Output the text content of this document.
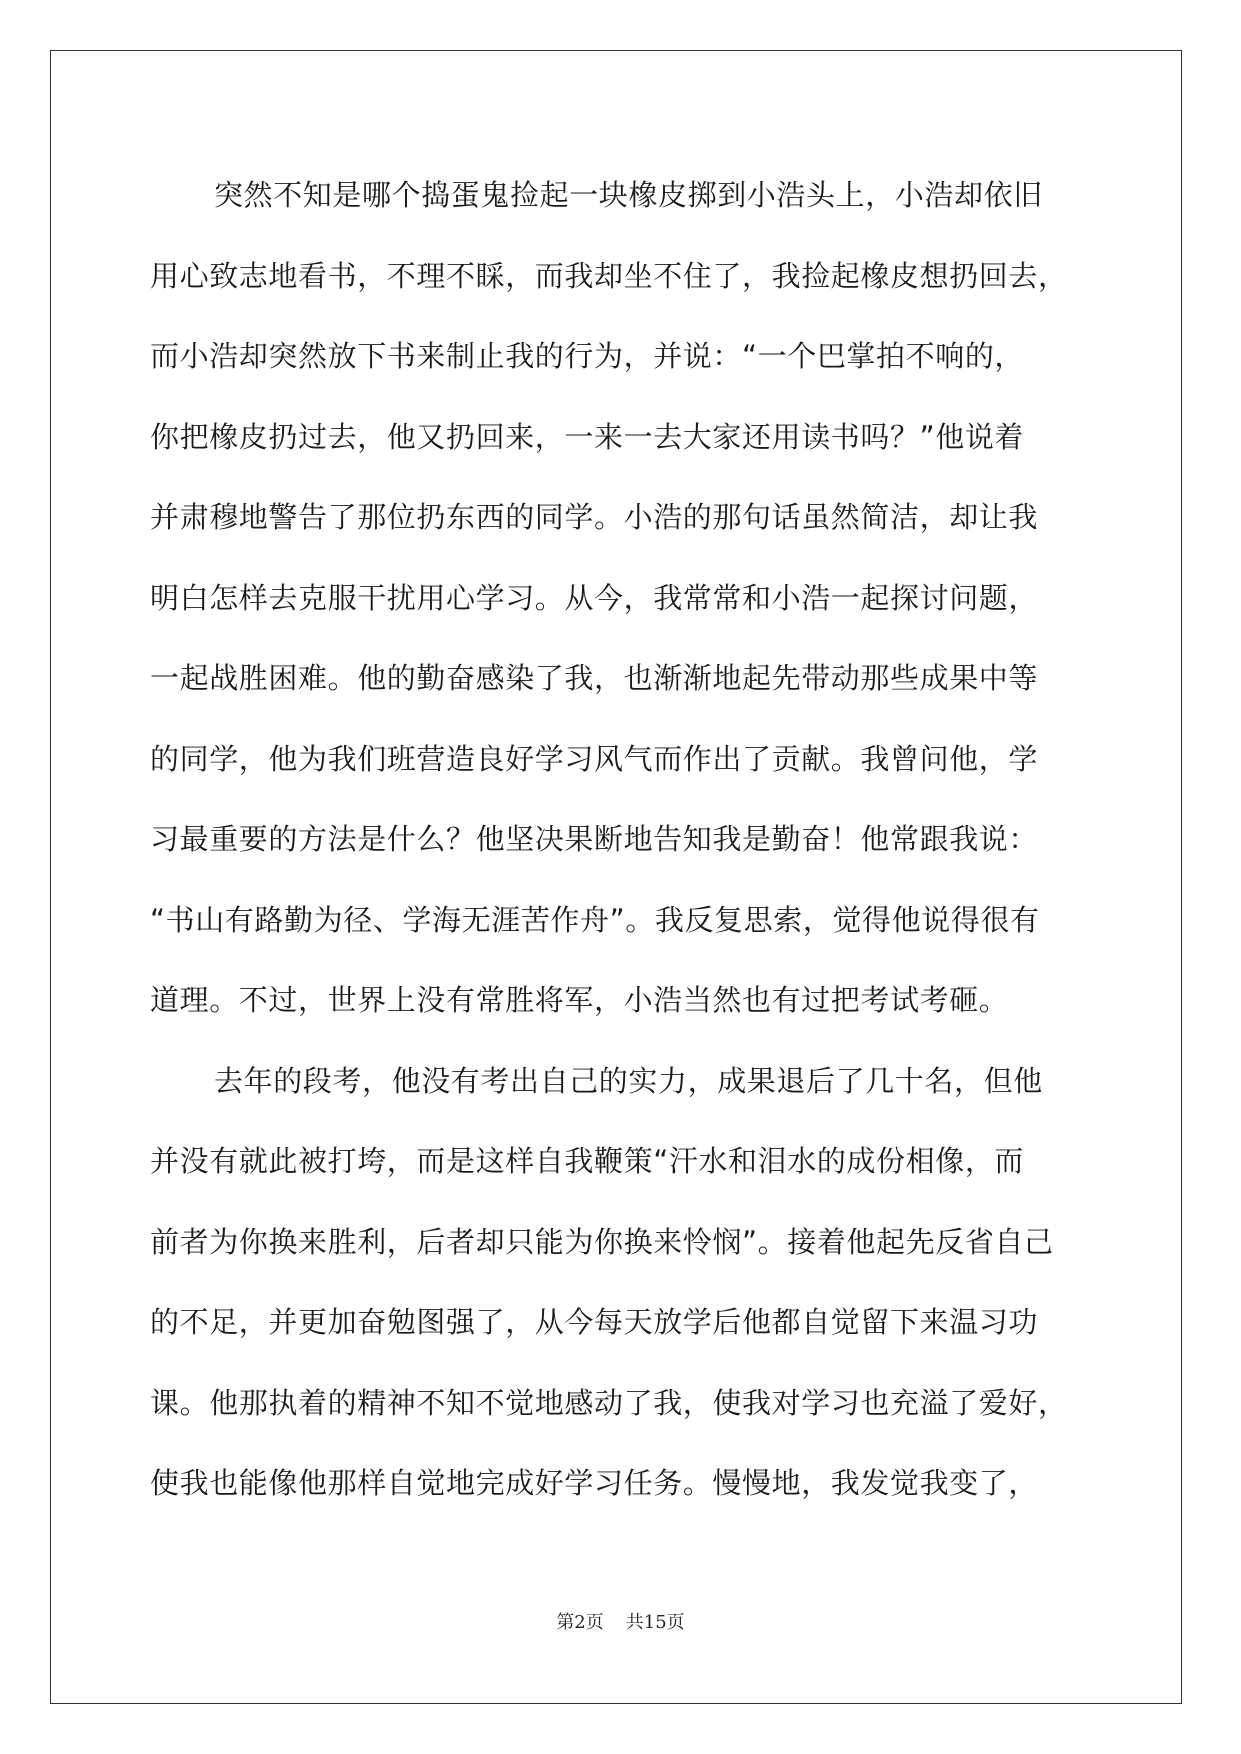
突然不知是哪个捣蛋鬼捡起一块橡皮掷到小浩头上，小浩却依旧
用心致志地看书，不理不睬，而我却坐不住了，我捡起橡皮想扔回去，
而小浩却突然放下书来制止我的行为，并说：“一个巴掌拍不响的，
你把橡皮扔过去，他又扔回来，一来一去大家还用读书吗？”他说着
并肃穆地警告了那位扔东西的同学。小浩的那句话虽然简洁，却让我
明白怎样去克服干扰用心学习。从今，我常常和小浩一起探讨问题，
一起战胜困难。他的勤奋感染了我，也渐渐地起先带动那些成果中等
的同学，他为我们班营造良好学习风气而作出了贡献。我曾问他，学
习最重要的方法是什么？他坚决果断地告知我是勤奋！他常跟我说：
“书山有路勤为径、学海无涯苦作舟”。我反复思索，觉得他说得很有
道理。不过，世界上没有常胜将军，小浩当然也有过把考试考砸。
去年的段考，他没有考出自己的实力，成果退后了几十名，但他
并没有就此被打垮，而是这样自我鞭策“汗水和泪水的成份相像，而
前者为你换来胜利，后者却只能为你换来怜悯”。接着他起先反省自己
的不足，并更加奋勉图强了，从今每天放学后他都自觉留下来温习功
课。他那执着的精神不知不觉地感动了我，使我对学习也充溢了爱好，
使我也能像他那样自觉地完成好学习任务。慢慢地，我发觉我变了，
第2页 共15页
